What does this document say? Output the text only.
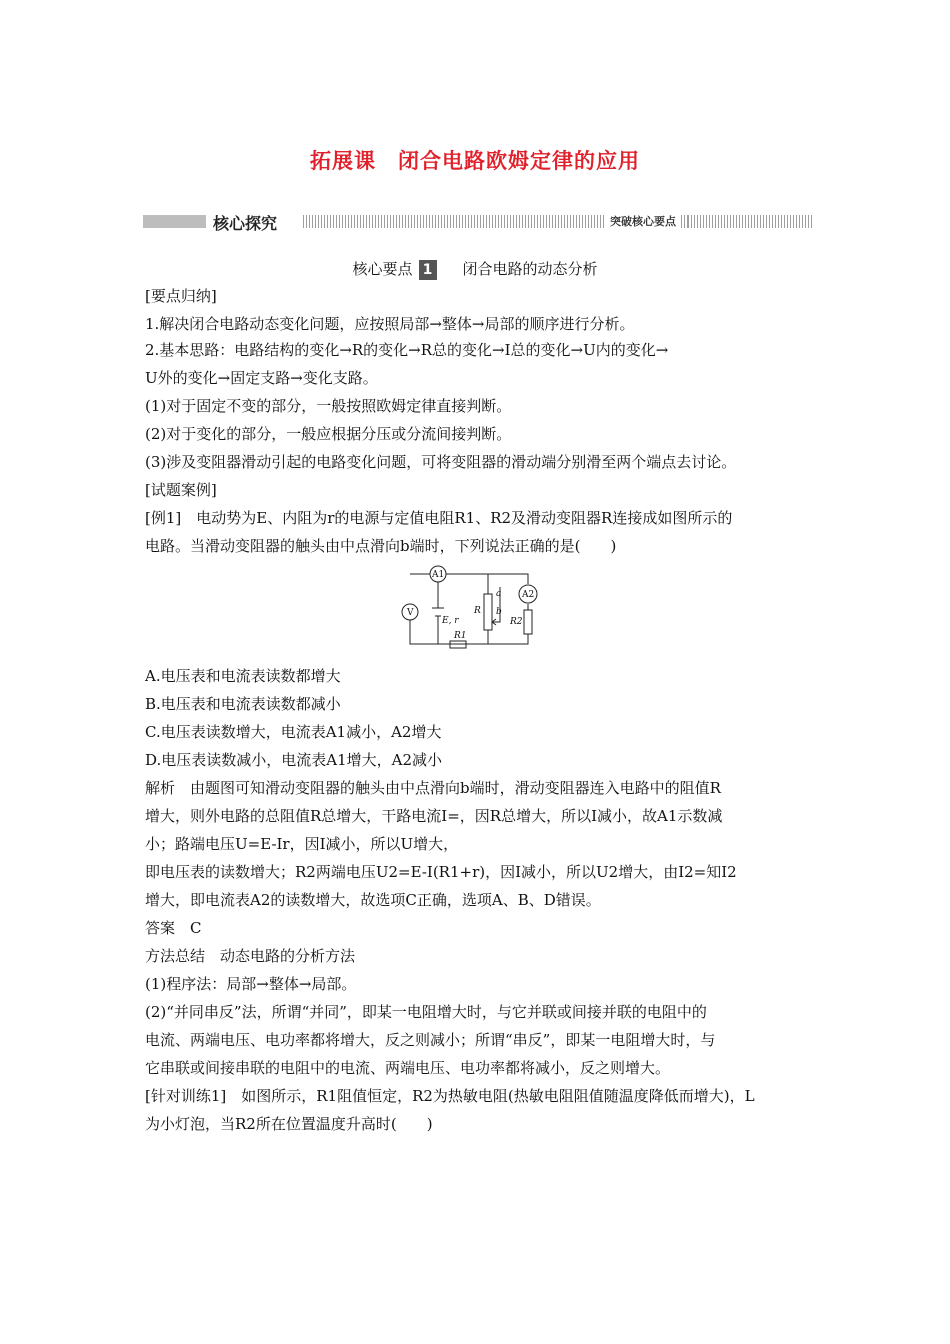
拓展课　闭合电路欧姆定律的应用
核心探究	突破核心要点
核心要点 1 闭合电路的动态分析
[要点归纳]
1.解决闭合电路动态变化问题，应按照局部→整体→局部的顺序进行分析。
2.基本思路：电路结构的变化→R的变化→R总的变化→I总的变化→U内的变化→
U外的变化→固定支路→变化支路。
(1)对于固定不变的部分，一般按照欧姆定律直接判断。
(2)对于变化的部分，一般应根据分压或分流间接判断。
(3)涉及变阻器滑动引起的电路变化问题，可将变阻器的滑动端分别滑至两个端点去讨论。
[试题案例]
[例1]　电动势为E、内阻为r的电源与定值电阻R1、R2及滑动变阻器R连接成如图所示的
电路。当滑动变阻器的触头由中点滑向b端时，下列说法正确的是(　　)
A.电压表和电流表读数都增大
B.电压表和电流表读数都减小
C.电压表读数增大，电流表A1减小，A2增大
D.电压表读数减小，电流表A1增大，A2减小
解析　由题图可知滑动变阻器的触头由中点滑向b端时，滑动变阻器连入电路中的阻值R
增大，则外电路的总阻值R总增大，干路电流I=，因R总增大，所以I减小，故A1示数减
小；路端电压U=E-Ir，因I减小，所以U增大，
即电压表的读数增大；R2两端电压U2=E-I(R1+r)，因I减小，所以U2增大，由I2=知I2
增大，即电流表A2的读数增大，故选项C正确，选项A、B、D错误。
答案　C
方法总结　动态电路的分析方法
(1)程序法：局部→整体→局部。
(2)“并同串反”法，所谓“并同”，即某一电阻增大时，与它并联或间接并联的电阻中的
电流、两端电压、电功率都将增大，反之则减小；所谓“串反”，即某一电阻增大时，与
它串联或间接串联的电阻中的电流、两端电压、电功率都将减小，反之则增大。
[针对训练1]　如图所示，R1阻值恒定，R2为热敏电阻(热敏电阻阻值随温度降低而增大)，L
为小灯泡，当R2所在位置温度升高时(　　)
A1
A2
V
E, r
R
R1
R2
a
b
